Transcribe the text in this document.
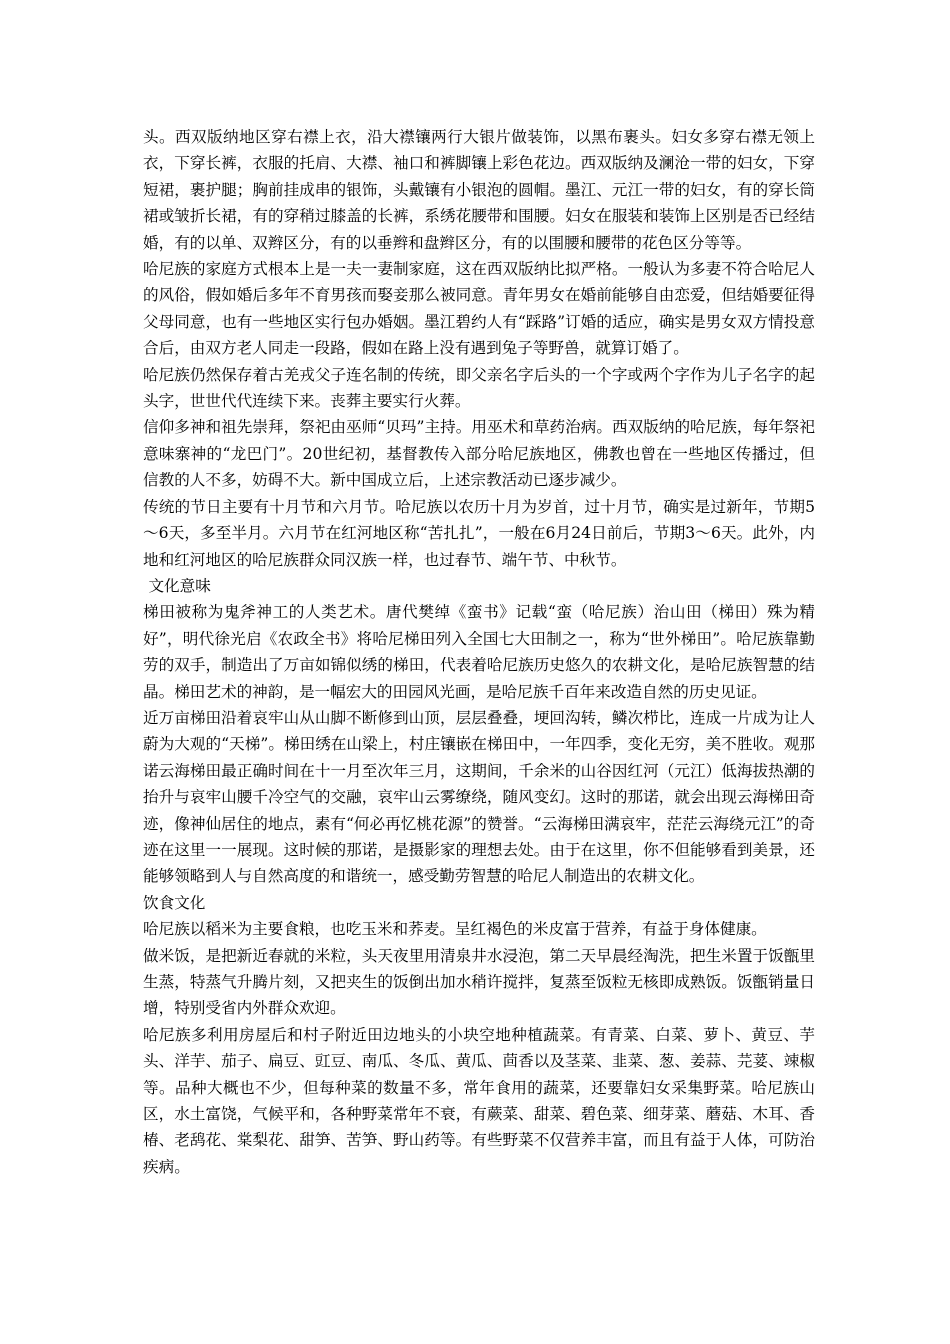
头。西双版纳地区穿右襟上衣，沿大襟镶两行大银片做装饰，以黑布裹头。妇女多穿右襟无领上衣，下穿长裤，衣服的托肩、大襟、袖口和裤脚镶上彩色花边。西双版纳及澜沧一带的妇女，下穿短裙，裹护腿；胸前挂成串的银饰，头戴镶有小银泡的圆帽。墨江、元江一带的妇女，有的穿长筒裙或皱折长裙，有的穿稍过膝盖的长裤，系绣花腰带和围腰。妇女在服装和装饰上区别是否已经结婚，有的以单、双辫区分，有的以垂辫和盘辫区分，有的以围腰和腰带的花色区分等等。

哈尼族的家庭方式根本上是一夫一妻制家庭，这在西双版纳比拟严格。一般认为多妻不符合哈尼人的风俗，假如婚后多年不育男孩而娶妾那么被同意。青年男女在婚前能够自由恋爱，但结婚要征得父母同意，也有一些地区实行包办婚姻。墨江碧约人有“踩路”订婚的适应，确实是男女双方情投意合后，由双方老人同走一段路，假如在路上没有遇到兔子等野兽，就算订婚了。

哈尼族仍然保存着古羌戎父子连名制的传统，即父亲名字后头的一个字或两个字作为儿子名字的起头字，世世代代连续下来。丧葬主要实行火葬。

信仰多神和祖先崇拜，祭祀由巫师“贝玛”主持。用巫术和草药治病。西双版纳的哈尼族，每年祭祀意味寨神的“龙巴门”。20世纪初，基督教传入部分哈尼族地区，佛教也曾在一些地区传播过，但信教的人不多，妨碍不大。新中国成立后，上述宗教活动已逐步减少。

传统的节日主要有十月节和六月节。哈尼族以农历十月为岁首，过十月节，确实是过新年，节期5～6天，多至半月。六月节在红河地区称“苦扎扎”，一般在6月24日前后，节期3～6天。此外，内地和红河地区的哈尼族群众同汉族一样，也过春节、端午节、中秋节。

文化意味

梯田被称为鬼斧神工的人类艺术。唐代樊绰《蛮书》记载“蛮（哈尼族）治山田（梯田）殊为精好”，明代徐光启《农政全书》将哈尼梯田列入全国七大田制之一，称为“世外梯田”。哈尼族靠勤劳的双手，制造出了万亩如锦似绣的梯田，代表着哈尼族历史悠久的农耕文化，是哈尼族智慧的结晶。梯田艺术的神韵，是一幅宏大的田园风光画，是哈尼族千百年来改造自然的历史见证。

近万亩梯田沿着哀牢山从山脚不断修到山顶，层层叠叠，埂回沟转，鳞次栉比，连成一片成为让人蔚为大观的“天梯”。梯田绣在山梁上，村庄镶嵌在梯田中，一年四季，变化无穷，美不胜收。观那诺云海梯田最正确时间在十一月至次年三月，这期间，千余米的山谷因红河（元江）低海拔热潮的抬升与哀牢山腰千冷空气的交融，哀牢山云雾缭绕，随风变幻。这时的那诺，就会出现云海梯田奇迹，像神仙居住的地点，素有“何必再忆桃花源”的赞誉。“云海梯田满哀牢，茫茫云海绕元江”的奇迹在这里一一展现。这时候的那诺，是摄影家的理想去处。由于在这里，你不但能够看到美景，还能够领略到人与自然高度的和谐统一，感受勤劳智慧的哈尼人制造出的农耕文化。

饮食文化

哈尼族以稻米为主要食粮，也吃玉米和荞麦。呈红褐色的米皮富于营养，有益于身体健康。

做米饭，是把新近春就的米粒，头天夜里用清泉井水浸泡，第二天早晨经淘洗，把生米置于饭甑里生蒸，特蒸气升腾片刻，又把夹生的饭倒出加水稍许搅拌，复蒸至饭粒无核即成熟饭。饭甑销量日增，特别受省内外群众欢迎。

哈尼族多利用房屋后和村子附近田边地头的小块空地种植蔬菜。有青菜、白菜、萝卜、黄豆、芋头、洋芋、茄子、扁豆、豇豆、南瓜、冬瓜、黄瓜、茴香以及茎菜、韭菜、葱、姜蒜、芫荽、竦椒等。品种大概也不少，但每种菜的数量不多，常年食用的蔬菜，还要靠妇女采集野菜。哈尼族山区，水土富饶，气候平和，各种野菜常年不衰，有蕨菜、甜菜、碧色菜、细芽菜、蘑菇、木耳、香椿、老鸹花、棠梨花、甜笋、苦笋、野山药等。有些野菜不仅营养丰富，而且有益于人体，可防治疾病。
